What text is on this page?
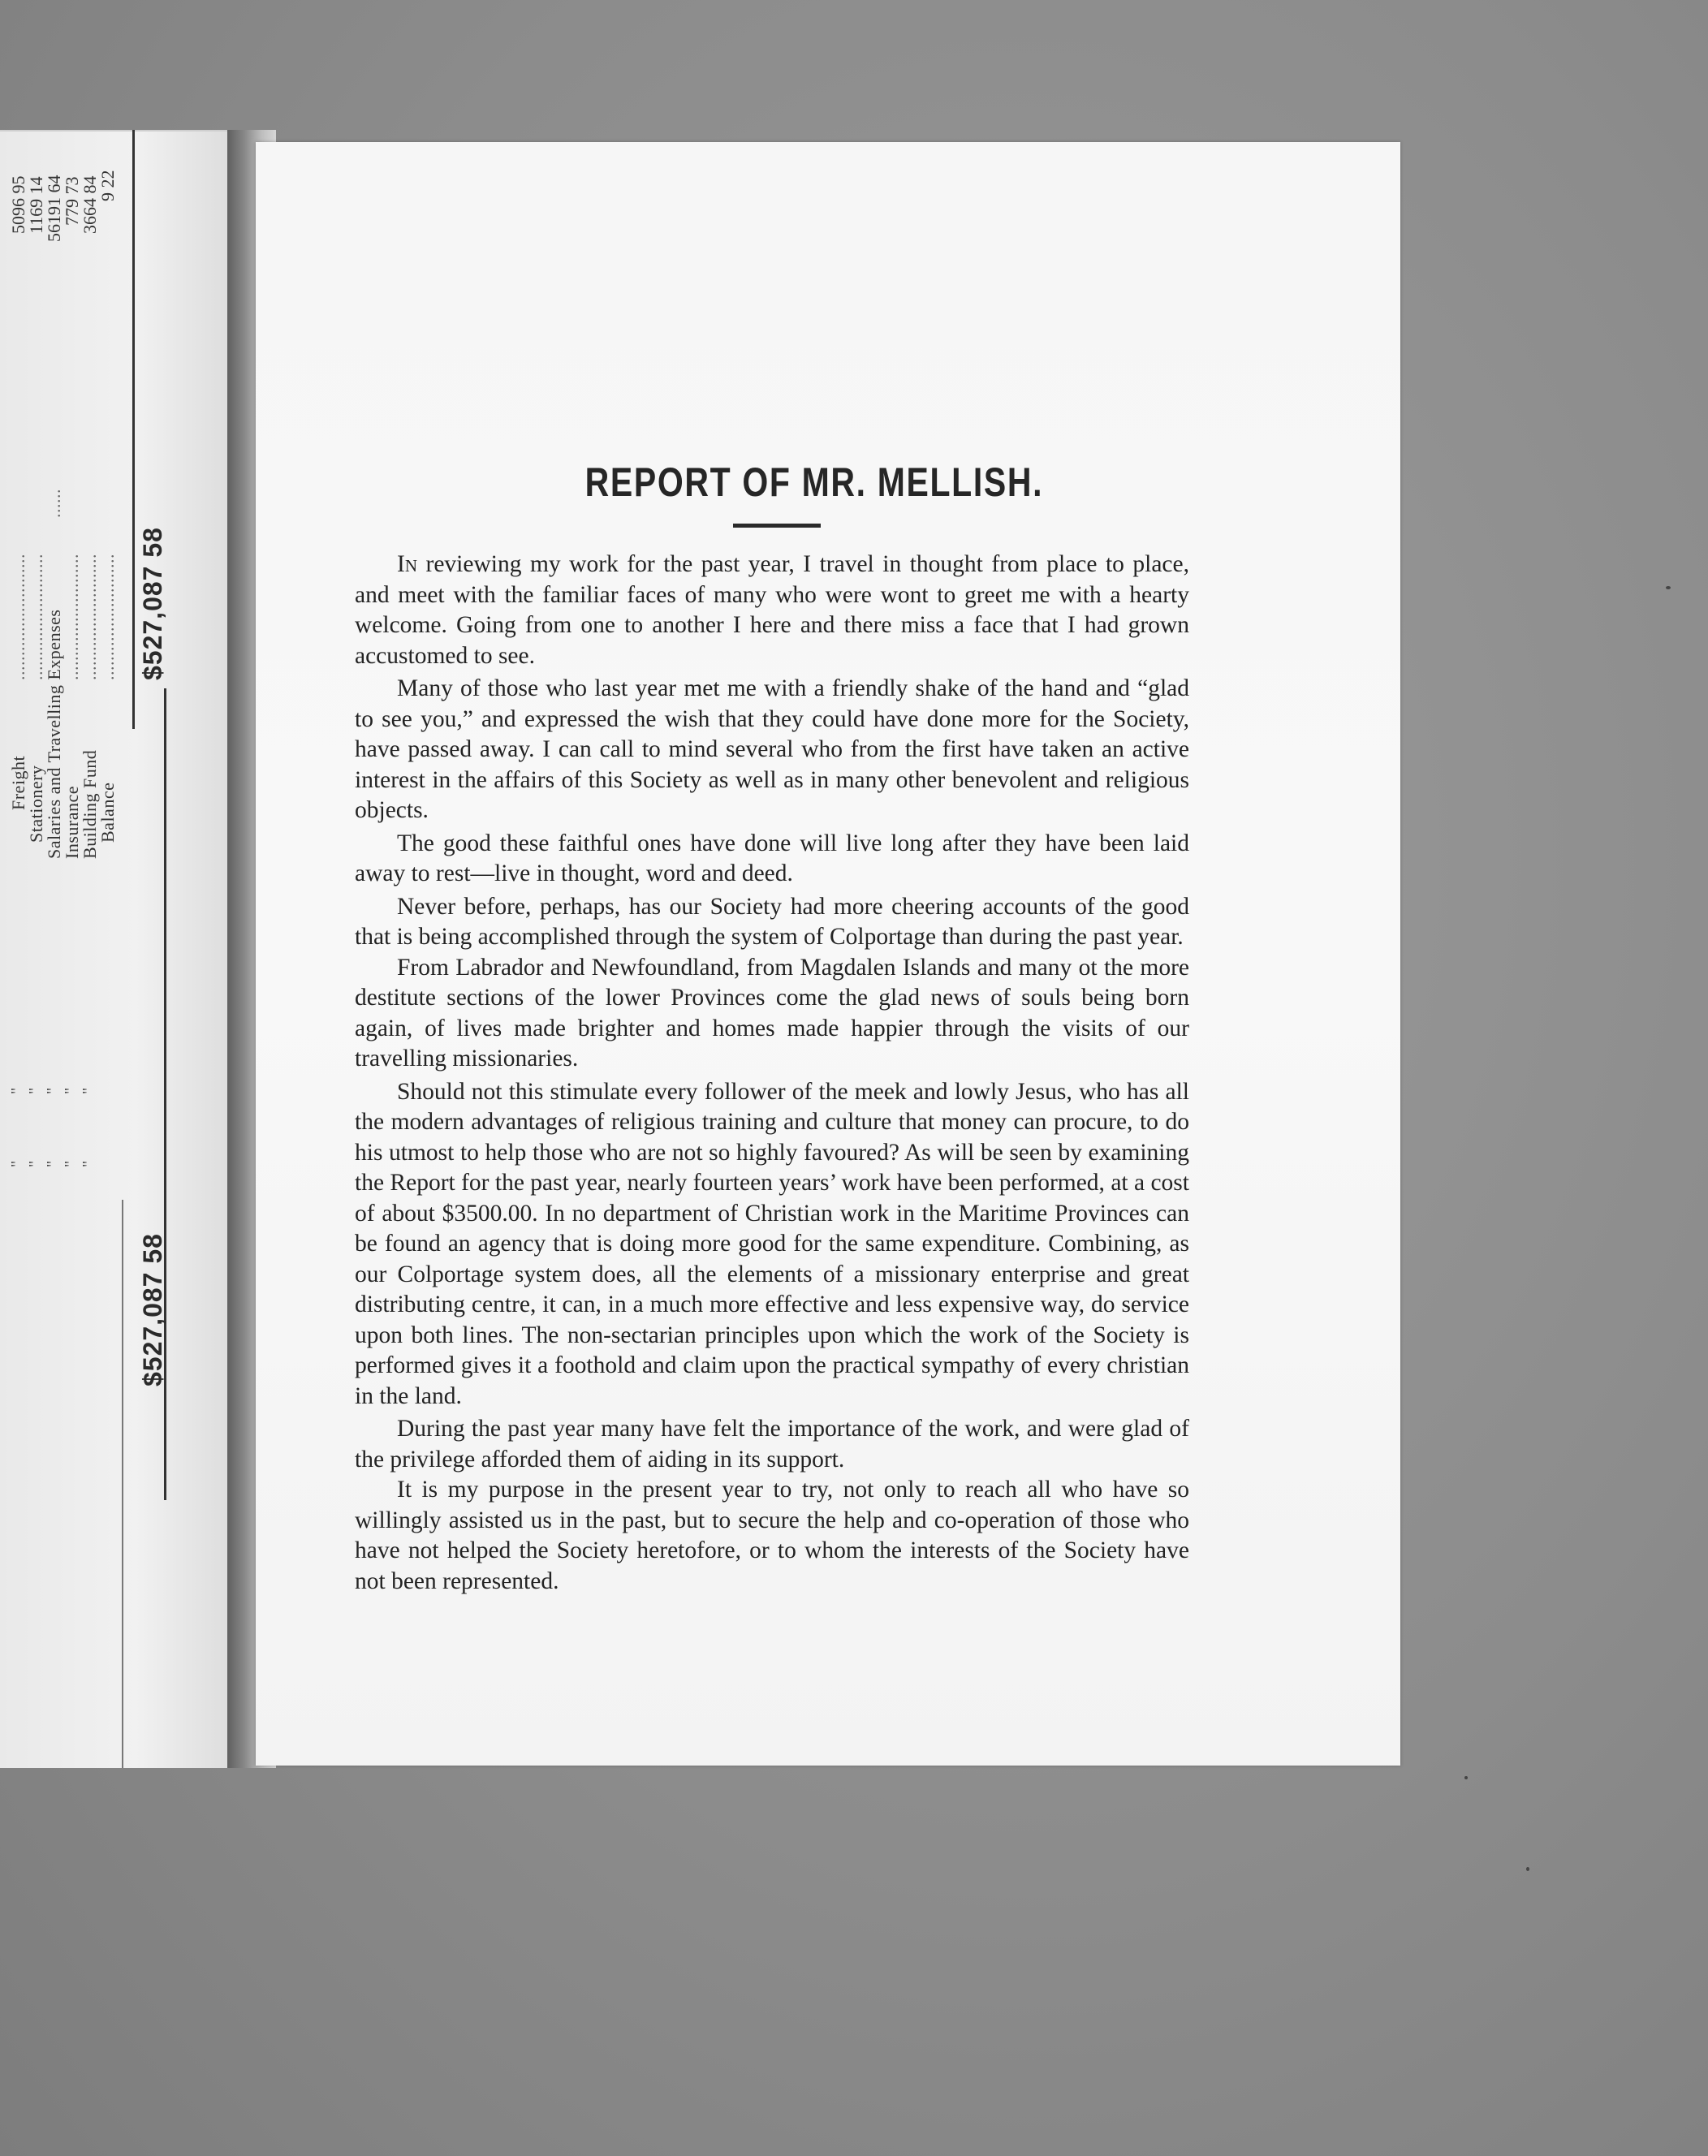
Freight
Stationery
Salaries and Travelling Expenses
Insurance
Building Fund
Balance
..........................
..........................
......
..........................
..........................
..........................
5096 95
1169 14
56191 64
779 73
3664 84
9 22
" " " " "
" " " " "
$527,087 58
$527,087 58
REPORT OF MR. MELLISH.

In reviewing my work for the past year, I travel in thought from place to place, and meet with the familiar faces of many who were wont to greet me with a hearty welcome. Going from one to another I here and there miss a face that I had grown accustomed to see.

Many of those who last year met me with a friendly shake of the hand and “glad to see you,” and expressed the wish that they could have done more for the Society, have passed away. I can call to mind several who from the first have taken an active interest in the affairs of this Society as well as in many other benevolent and religious objects.

The good these faithful ones have done will live long after they have been laid away to rest—live in thought, word and deed.

Never before, perhaps, has our Society had more cheering accounts of the good that is being accomplished through the system of Colportage than during the past year.

From Labrador and Newfoundland, from Magdalen Islands and many ot the more destitute sections of the lower Provinces come the glad news of souls being born again, of lives made brighter and homes made happier through the visits of our travelling missionaries.

Should not this stimulate every follower of the meek and lowly Jesus, who has all the modern advantages of religious training and culture that money can procure, to do his utmost to help those who are not so highly favoured? As will be seen by examining the Report for the past year, nearly fourteen years’ work have been performed, at a cost of about $3500.00. In no department of Christian work in the Maritime Provinces can be found an agency that is doing more good for the same expenditure. Combining, as our Colportage system does, all the elements of a missionary enterprise and great distributing centre, it can, in a much more effective and less expensive way, do service upon both lines. The non-sectarian principles upon which the work of the Society is performed gives it a foothold and claim upon the practical sympathy of every christian in the land.

During the past year many have felt the importance of the work, and were glad of the privilege afforded them of aiding in its support.

It is my purpose in the present year to try, not only to reach all who have so willingly assisted us in the past, but to secure the help and co-operation of those who have not helped the Society heretofore, or to whom the interests of the Society have not been represented.
